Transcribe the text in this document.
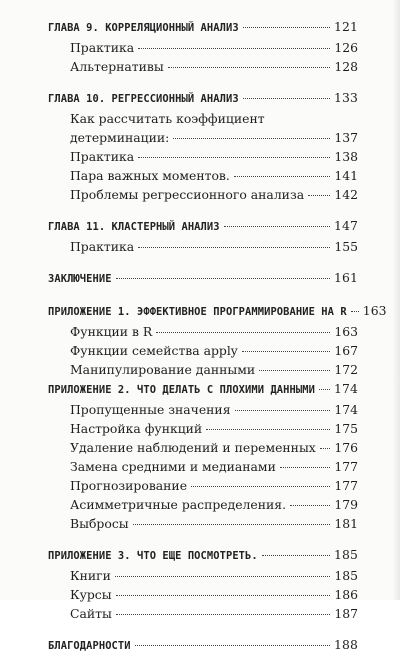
ГЛАВА 9. КОРРЕЛЯЦИОННЫЙ АНАЛИЗ	121
Практика	126
Альтернативы	128
ГЛАВА 10. РЕГРЕССИОННЫЙ АНАЛИЗ	133
Как рассчитать коэффициент
детерминации:	137
Практика	138
Пара важных моментов.	141
Проблемы регрессионного анализа 142
ГЛАВА 11. КЛАСТЕРНЫЙ АНАЛИЗ	147
Практика	155
ЗАКЛЮЧЕНИЕ	161
ПРИЛОЖЕНИЕ 1. ЭФФЕКТИВНОЕ ПРОГРАММИРОВАНИЕ НА R 163
Функции в R	163
Функции семейства apply	167
Манипулирование данными	172
ПРИЛОЖЕНИЕ 2. ЧТО ДЕЛАТЬ С ПЛОХИМИ ДАННЫМИ 174
Пропущенные значения	174
Настройка функций	175
Удаление наблюдений и переменных 176
Замена средними и медианами	177
Прогнозирование	177
Асимметричные распределения.	179
Выбросы	181
ПРИЛОЖЕНИЕ 3. ЧТО ЕЩЕ ПОСМОТРЕТЬ.	185
Книги	185
Курсы	186
Сайты	187
БЛАГОДАРНОСТИ	188
